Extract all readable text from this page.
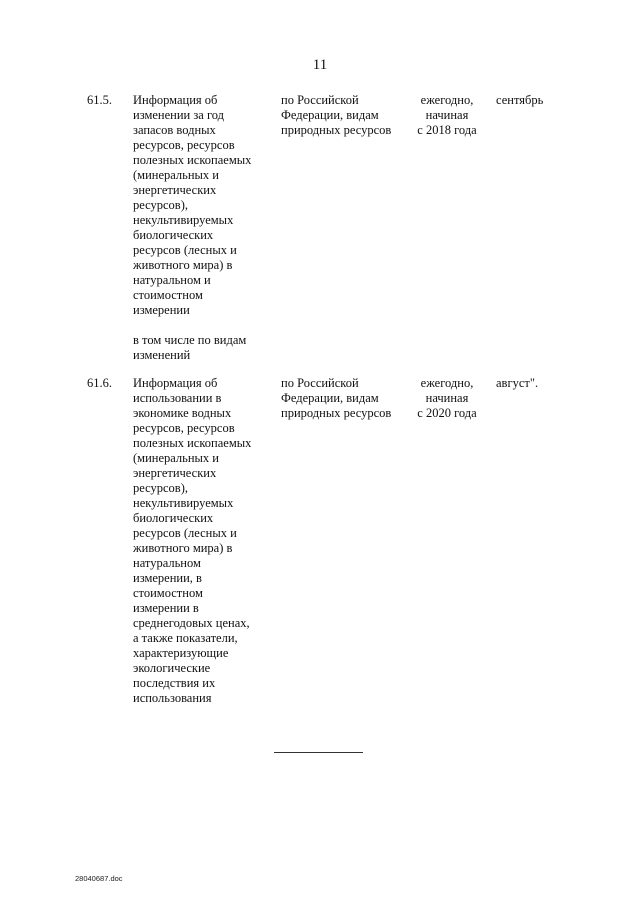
11
61.5.	Информация об
изменении за год
запасов водных
ресурсов, ресурсов
полезных ископаемых
(минеральных и
энергетических
ресурсов),
некультивируемых
биологических
ресурсов (лесных и
животного мира) в
натуральном и
стоимостном
измерении
в том числе по видам
изменений
по Российской
Федерации, видам
природных ресурсов
ежегодно,
начиная
с 2018 года
сентябрь
61.6.	Информация об
использовании в
экономике водных
ресурсов, ресурсов
полезных ископаемых
(минеральных и
энергетических
ресурсов),
некультивируемых
биологических
ресурсов (лесных и
животного мира) в
натуральном
измерении, в
стоимостном
измерении в
среднегодовых ценах,
а также показатели,
характеризующие
экологические
последствия их
использования
по Российской
Федерации, видам
природных ресурсов
ежегодно,
начиная
с 2020 года
август".
28040687.doc
